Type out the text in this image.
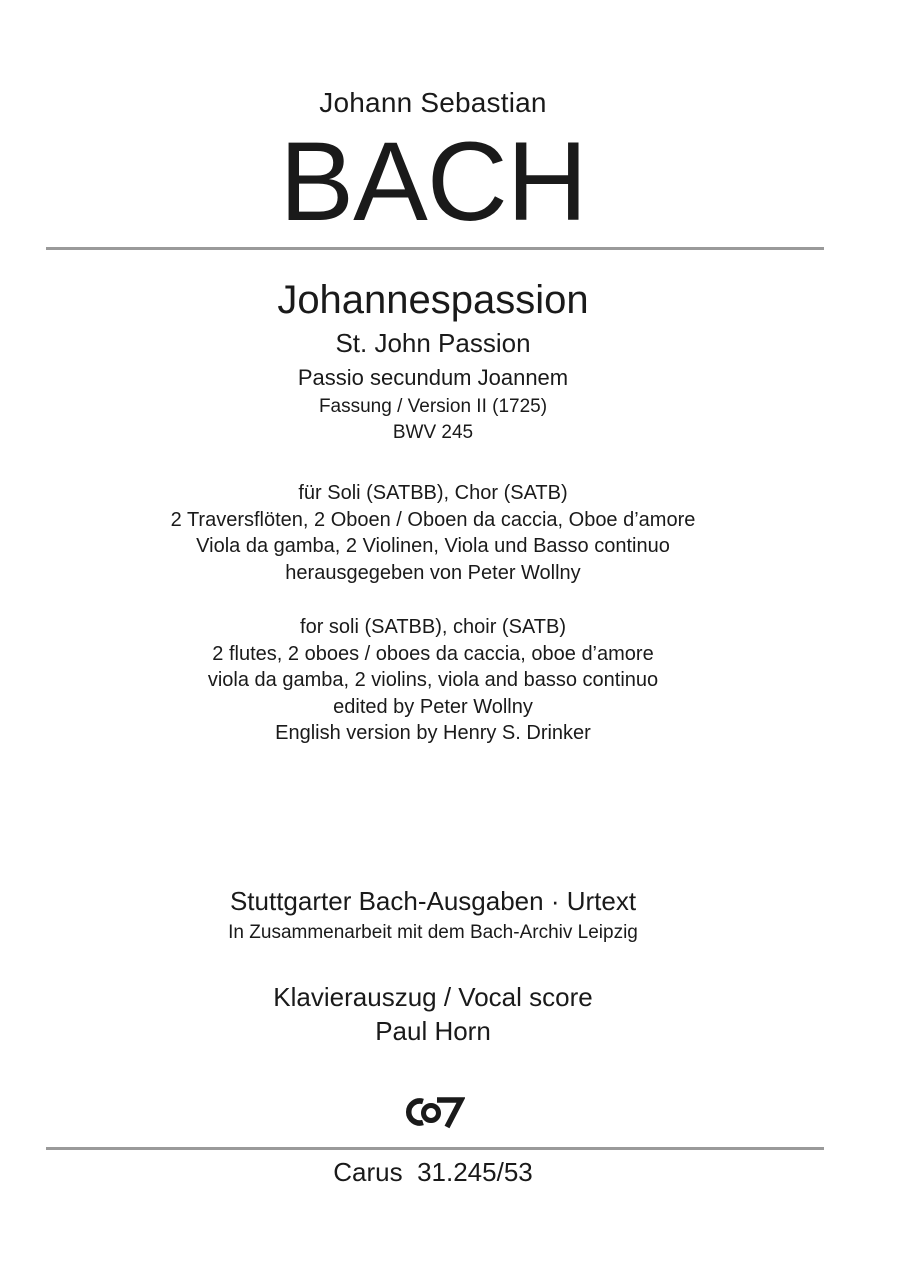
Johann Sebastian
BACH
Johannespassion
St. John Passion
Passio secundum Joannem
Fassung / Version II (1725)
BWV 245
für Soli (SATBB), Chor (SATB)
2 Traversflöten, 2 Oboen / Oboen da caccia, Oboe d’amore
Viola da gamba, 2 Violinen, Viola und Basso continuo
herausgegeben von Peter Wollny
for soli (SATBB), choir (SATB)
2 flutes, 2 oboes / oboes da caccia, oboe d’amore
viola da gamba, 2 violins, viola and basso continuo
edited by Peter Wollny
English version by Henry S. Drinker
Stuttgarter Bach-Ausgaben · Urtext
In Zusammenarbeit mit dem Bach-Archiv Leipzig
Klavierauszug / Vocal score
Paul Horn
Carus  31.245/53
